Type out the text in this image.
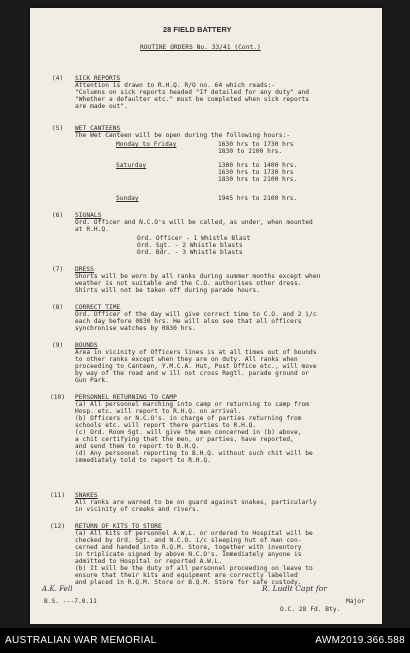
28 FIELD BATTERY
ROUTINE ORDERS No. 33/41 (Cont.)
(4) SICK REPORTS
Attention is drawn to R.H.Q. R/O no. 64 which reads:-
"Columns on sick reports headed "If detailed for any duty" and
"Whether a defaulter etc." must be completed when sick reports
are made out".
(5) WET CANTEENS
The Wet Canteen will be open during the following hours:-
Monday to Friday	1630 hrs to 1730 hrs
1830 to 2100 hrs.
Saturday	1300 hrs to 1400 hrs.
1630 hrs to 1730 hrs
1830 hrs to 2100 hrs.
Sunday	1945 hrs to 2100 hrs.
(6) SIGNALS
Ord. Officer and N.C.O's will be called, as under, when mounted
at R.H.Q.
Ord. Officer - 1 Whistle Blast
Ord. Sgt. - 2 Whistle blasts
Ord. Bdr. - 3 Whistle blasts
(7) DRESS
Shorts will be worn by all ranks during summer months except when
weather is not suitable and the C.O. authorises other dress.
Shirts will not be taken off during parade hours.
(8) CORRECT TIME
Ord. Officer of the day will give correct time to C.O. and 2 i/c
each day before 0830 hrs. He will also see that all officers
synchronise watches by 0830 hrs.
(9) BOUNDS
Area in vicinity of Officers lines is at all times out of bounds
to other ranks except when they are on duty. All ranks when
proceeding to Canteen, Y.M.C.A. Hut, Post Office etc., will move
by way of the road and w ill not cross Regtl. parade ground or
Gun Park.
(10) PERSONNEL RETURNING TO CAMP
(a) All personnel marching into camp or returning to camp from
Hosp. etc. will report to R.H.Q. on arrival.
(b) Officers or N.C.O's. in charge of parties returning from
schools etc. will report there parties to R.H.Q.
(c) Ord. Room Sgt. will give the men concerned in (b) above,
a chit certifying that the men, or parties, have reported,
and send them to report to B.H.Q.
(d) Any personnel reporting to B.H.Q. without such chit will be
immediately told to report to R.H.Q.
(11) SNAKES
All ranks are warned to be on guard against snakes, particularly
in vicinity of creeks and rivers.
(12) RETURN OF KITS TO STORE
(a) All kits of personnel A.W.L. or ordered to Hospital will be
checked by Ord. Sgt. and N.C.O. i/c sleeping hut of man con-
cerned and handed into R.Q.M. Store, together with inventory
in triplicate signed by above N.C.O's. Immediately anyone is
admitted to Hospital or reported A.W.L.
(b) It will be the duty of all personnel proceeding on leave to
ensure that their kits and equipment are correctly labelled
and placed in R.Q.M. Store or B.Q.M. Store for safe custody.
A.K. Fell
B.S. ---7.0.11
R. Ludlt Capt for
Major
O.C. 28 Fd. Bty.
AUSTRALIAN WAR MEMORIAL	AWM2019.366.588
